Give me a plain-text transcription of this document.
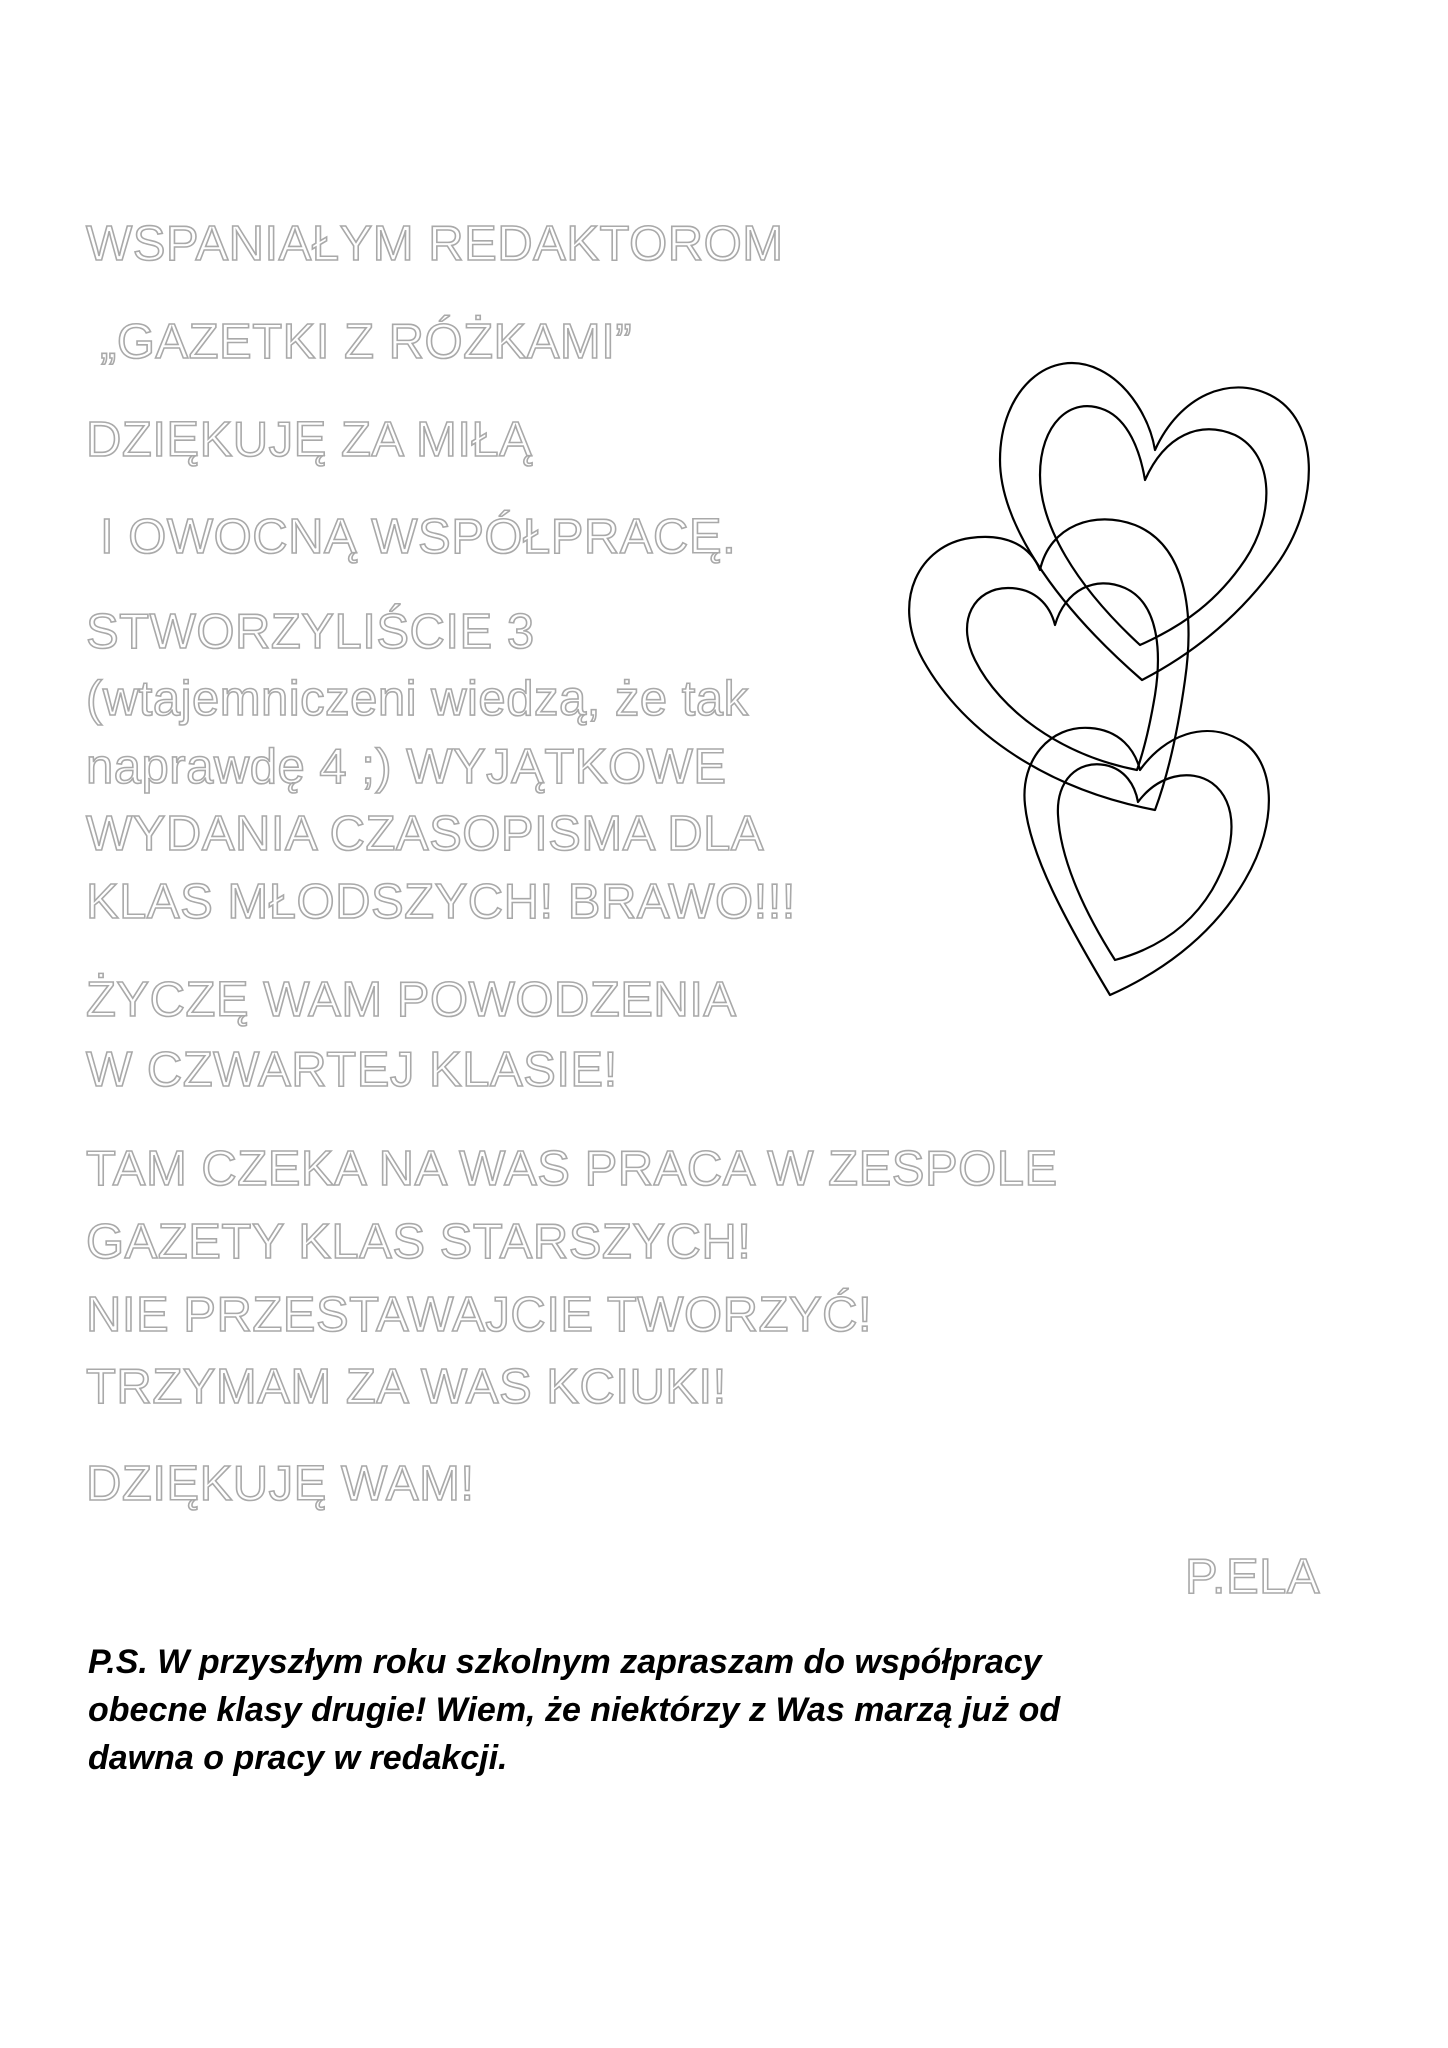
WSPANIAŁYM REDAKTOROM

„GAZETKI Z RÓŻKAMI”

DZIĘKUJĘ ZA MIŁĄ

I OWOCNĄ WSPÓŁPRACĘ.

STWORZYLIŚCIE 3

(wtajemniczeni wiedzą, że tak

naprawdę 4 ;) WYJĄTKOWE

WYDANIA CZASOPISMA DLA

KLAS MŁODSZYCH! BRAWO!!!

ŻYCZĘ WAM POWODZENIA

W CZWARTEJ KLASIE!

TAM CZEKA NA WAS PRACA W ZESPOLE

GAZETY KLAS STARSZYCH!

NIE PRZESTAWAJCIE TWORZYĆ!

TRZYMAM ZA WAS KCIUKI!

DZIĘKUJĘ WAM!

P.ELA

P.S. W przyszłym roku szkolnym zapraszam do współpracy
obecne klasy drugie! Wiem, że niektórzy z Was marzą już od
dawna o pracy w redakcji.
